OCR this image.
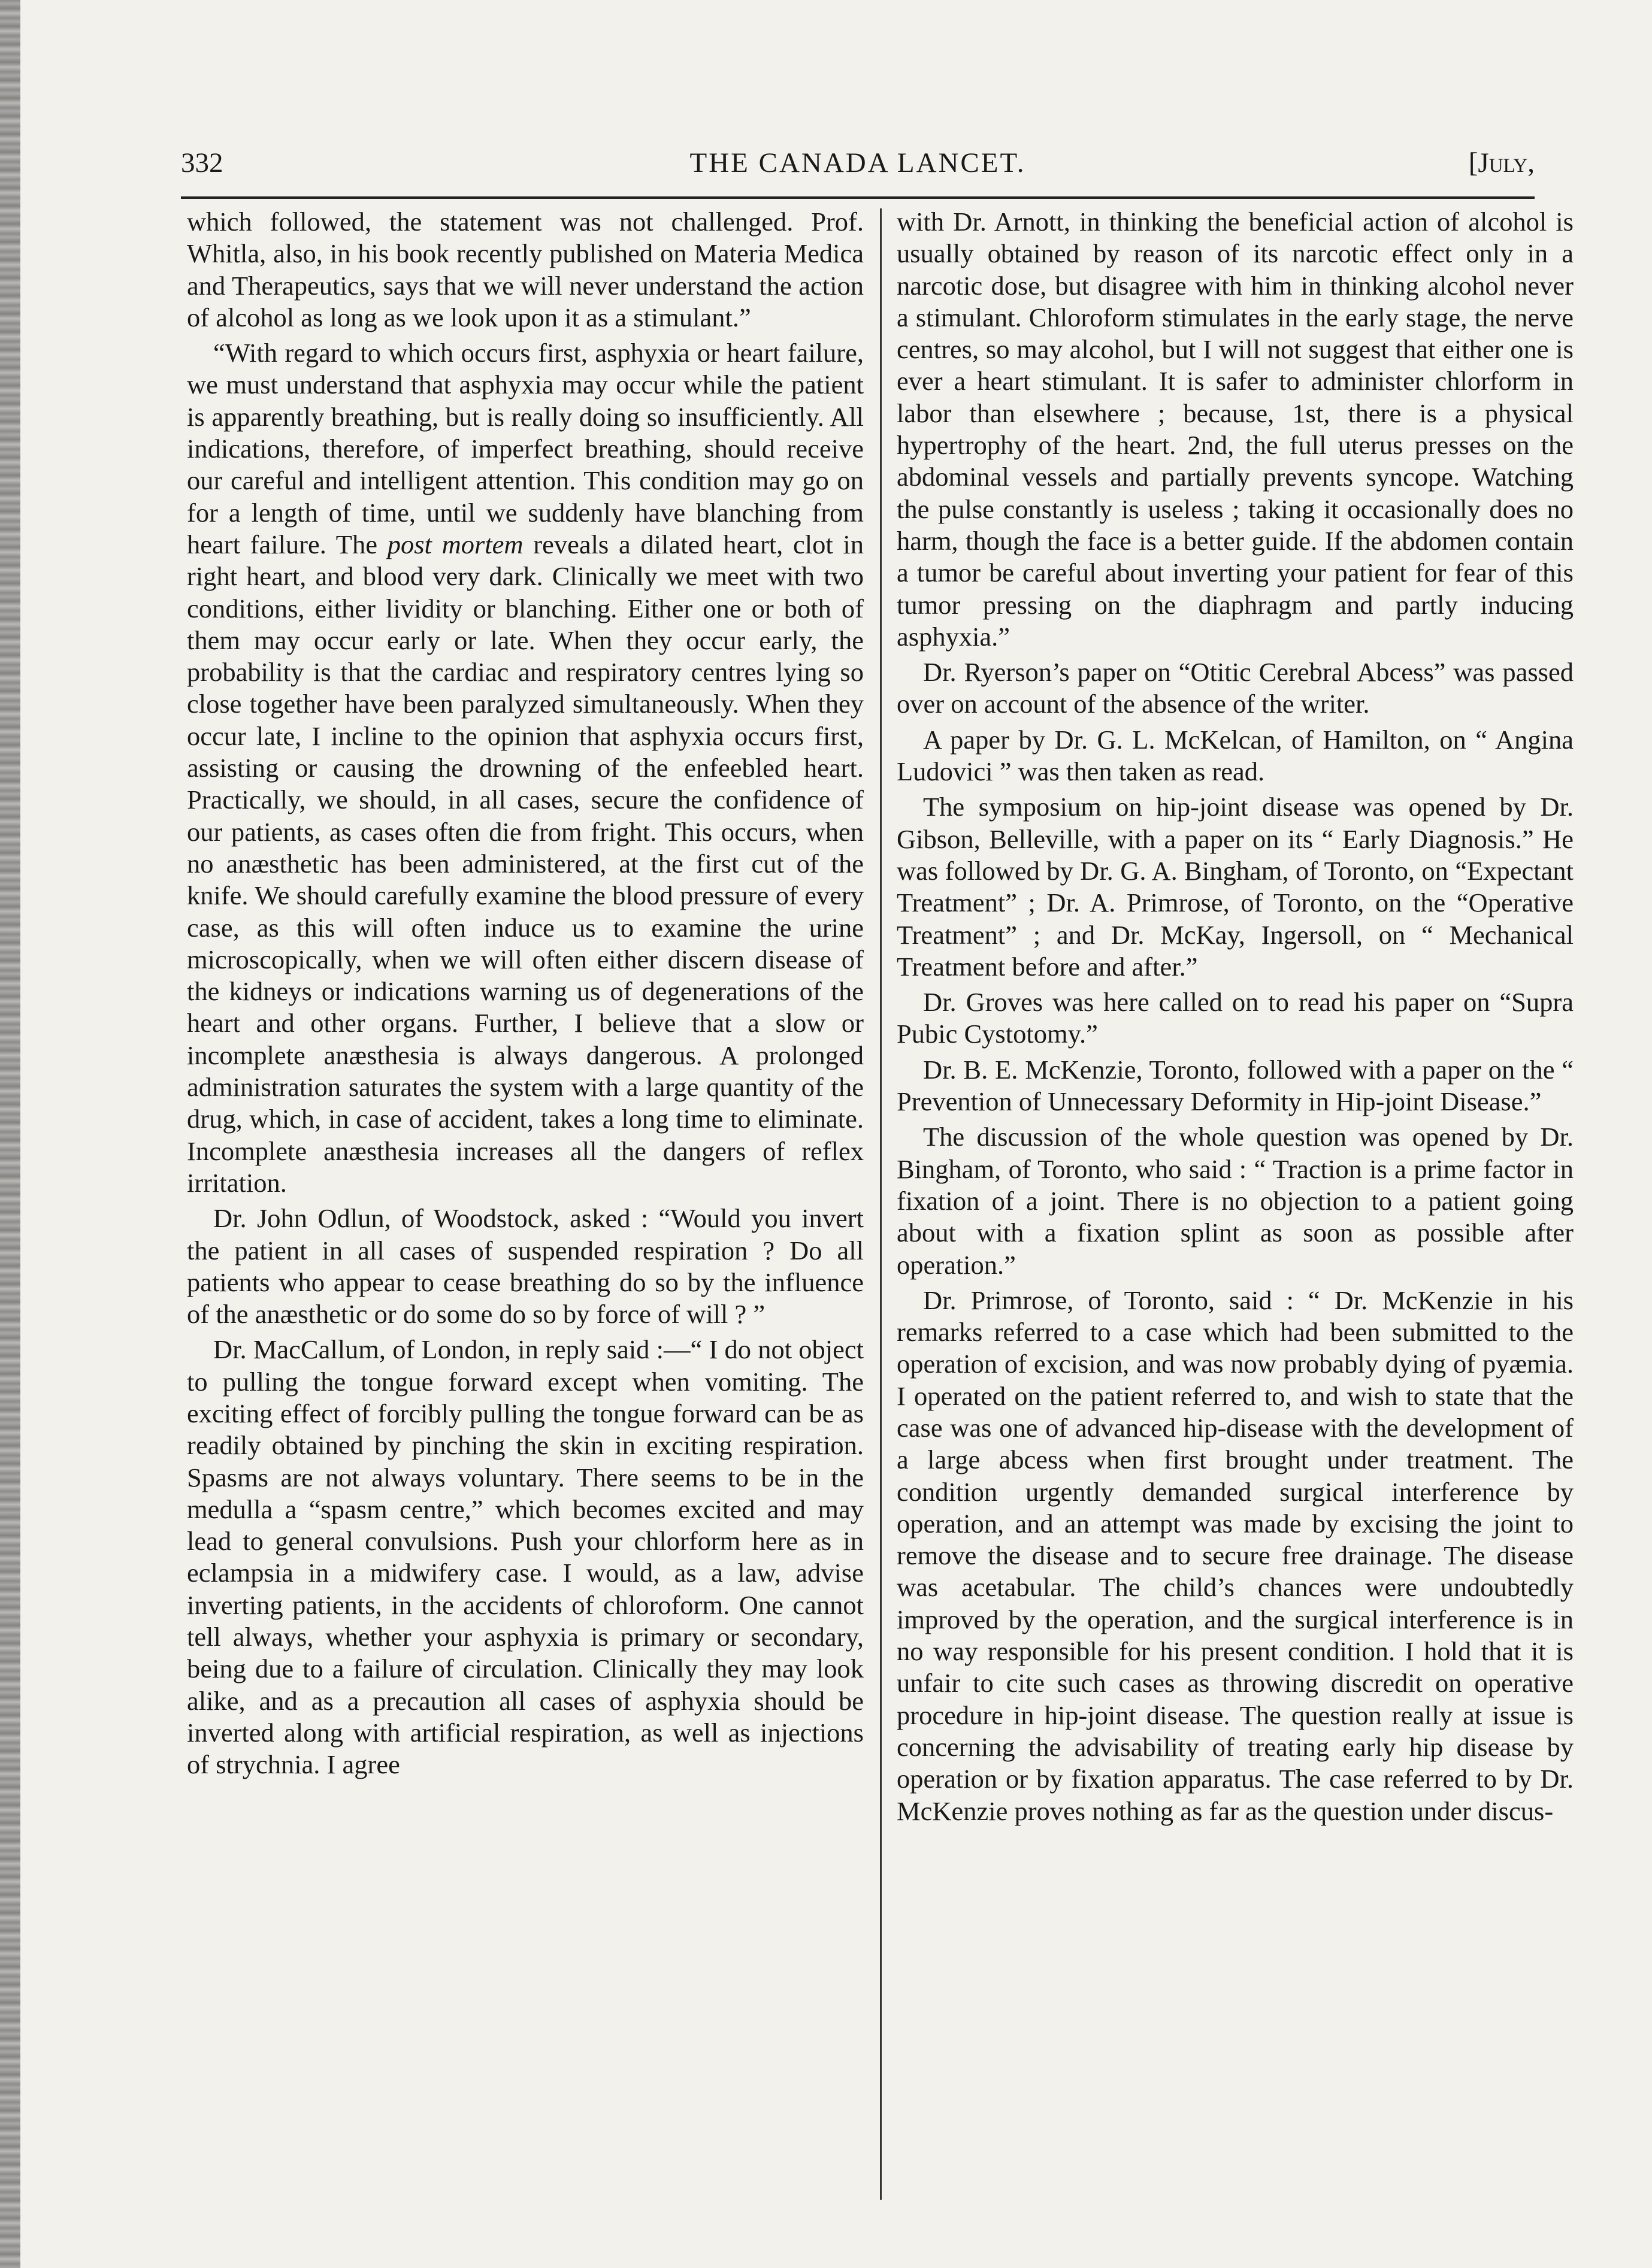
332	THE CANADA LANCET.	[July,

which followed, the statement was not challenged. Prof. Whitla, also, in his book recently published on Materia Medica and Therapeutics, says that we will never understand the action of alcohol as long as we look upon it as a stimulant.”

“With regard to which occurs first, asphyxia or heart failure, we must understand that asphyxia may occur while the patient is apparently breathing, but is really doing so insufficiently. All indications, therefore, of imperfect breathing, should receive our careful and intelligent attention. This condition may go on for a length of time, until we suddenly have blanching from heart failure. The post mortem reveals a dilated heart, clot in right heart, and blood very dark. Clinically we meet with two conditions, either lividity or blanching. Either one or both of them may occur early or late. When they occur early, the probability is that the cardiac and respiratory centres lying so close together have been paralyzed simultaneously. When they occur late, I incline to the opinion that asphyxia occurs first, assisting or causing the drowning of the enfeebled heart. Practically, we should, in all cases, secure the confidence of our patients, as cases often die from fright. This occurs, when no anæsthetic has been administered, at the first cut of the knife. We should carefully examine the blood pressure of every case, as this will often induce us to examine the urine microscopically, when we will often either discern disease of the kidneys or indications warning us of degenerations of the heart and other organs. Further, I believe that a slow or incomplete anæsthesia is always dangerous. A prolonged administration saturates the system with a large quantity of the drug, which, in case of accident, takes a long time to eliminate. Incomplete anæsthesia increases all the dangers of reflex irritation.

Dr. John Odlun, of Woodstock, asked : “Would you invert the patient in all cases of suspended respiration ? Do all patients who appear to cease breathing do so by the influence of the anæsthetic or do some do so by force of will ? ”

Dr. MacCallum, of London, in reply said :—“ I do not object to pulling the tongue forward except when vomiting. The exciting effect of forcibly pulling the tongue forward can be as readily obtained by pinching the skin in exciting respiration. Spasms are not always voluntary. There seems to be in the medulla a “spasm centre,” which becomes excited and may lead to general convulsions. Push your chlorform here as in eclampsia in a midwifery case. I would, as a law, advise inverting patients, in the accidents of chloroform. One cannot tell always, whether your asphyxia is primary or secondary, being due to a failure of circulation. Clinically they may look alike, and as a precaution all cases of asphyxia should be inverted along with artificial respiration, as well as injections of strychnia. I agree

with Dr. Arnott, in thinking the beneficial action of alcohol is usually obtained by reason of its narcotic effect only in a narcotic dose, but disagree with him in thinking alcohol never a stimulant. Chloroform stimulates in the early stage, the nerve centres, so may alcohol, but I will not suggest that either one is ever a heart stimulant. It is safer to administer chlorform in labor than elsewhere ; because, 1st, there is a physical hypertrophy of the heart. 2nd, the full uterus presses on the abdominal vessels and partially prevents syncope. Watching the pulse constantly is useless ; taking it occasionally does no harm, though the face is a better guide. If the abdomen contain a tumor be careful about inverting your patient for fear of this tumor pressing on the diaphragm and partly inducing asphyxia.”

Dr. Ryerson’s paper on “Otitic Cerebral Abcess” was passed over on account of the absence of the writer.

A paper by Dr. G. L. McKelcan, of Hamilton, on “ Angina Ludovici ” was then taken as read.

The symposium on hip-joint disease was opened by Dr. Gibson, Belleville, with a paper on its “ Early Diagnosis.” He was followed by Dr. G. A. Bingham, of Toronto, on “Expectant Treatment” ; Dr. A. Primrose, of Toronto, on the “Operative Treatment” ; and Dr. McKay, Ingersoll, on “ Mechanical Treatment before and after.”

Dr. Groves was here called on to read his paper on “Supra Pubic Cystotomy.”

Dr. B. E. McKenzie, Toronto, followed with a paper on the “ Prevention of Unnecessary Deformity in Hip-joint Disease.”

The discussion of the whole question was opened by Dr. Bingham, of Toronto, who said : “ Traction is a prime factor in fixation of a joint. There is no objection to a patient going about with a fixation splint as soon as possible after operation.”

Dr. Primrose, of Toronto, said : “ Dr. McKenzie in his remarks referred to a case which had been submitted to the operation of excision, and was now probably dying of pyæmia. I operated on the patient referred to, and wish to state that the case was one of advanced hip-disease with the development of a large abcess when first brought under treatment. The condition urgently demanded surgical interference by operation, and an attempt was made by excising the joint to remove the disease and to secure free drainage. The disease was acetabular. The child’s chances were undoubtedly improved by the operation, and the surgical interference is in no way responsible for his present condition. I hold that it is unfair to cite such cases as throwing discredit on operative procedure in hip-joint disease. The question really at issue is concerning the advisability of treating early hip disease by operation or by fixation apparatus. The case referred to by Dr. McKenzie proves nothing as far as the question under discus-
